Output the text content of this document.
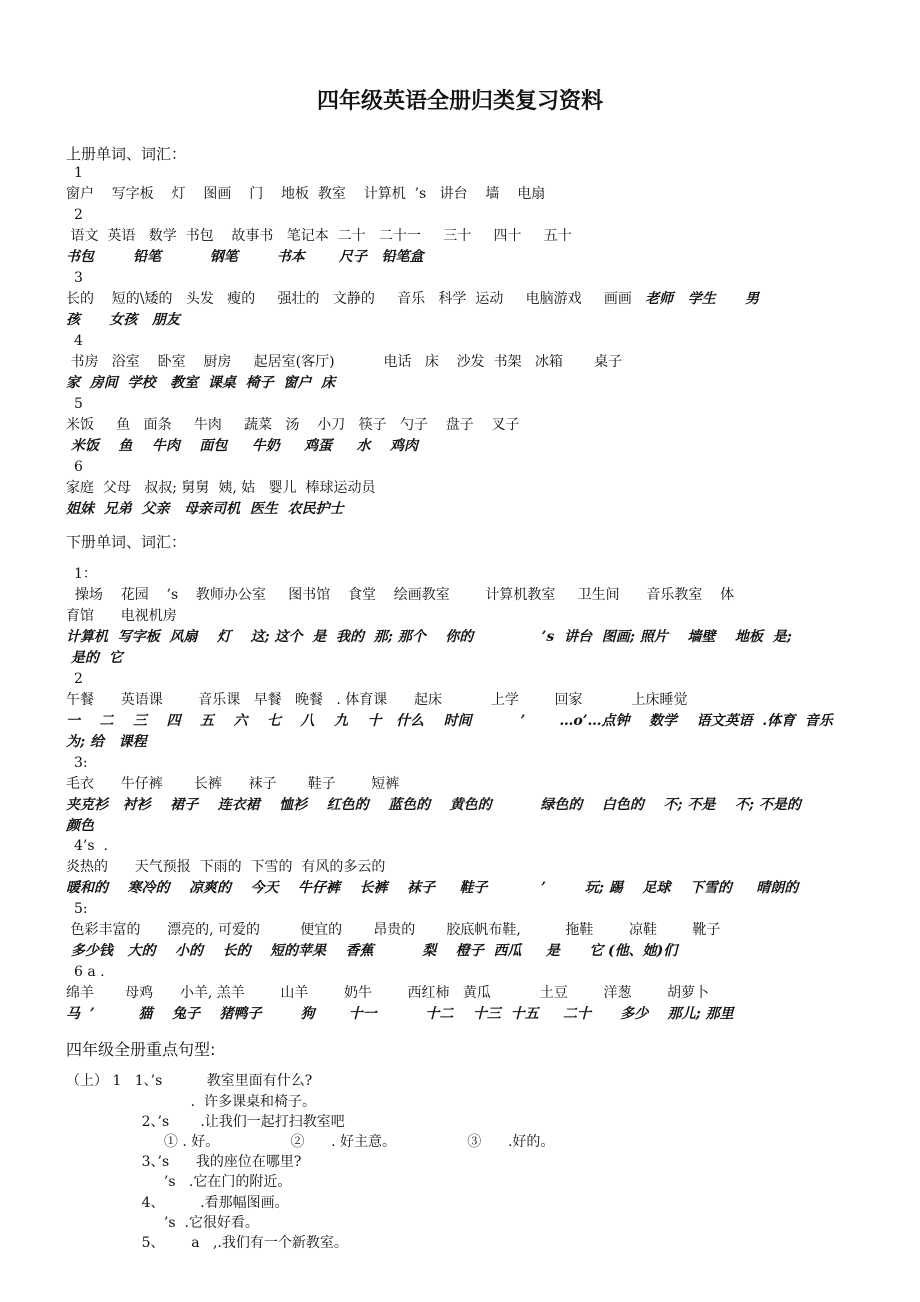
四年级英语全册归类复习资料
上册单词、词汇：
1
窗户    写字板    灯    图画    门    地板  教室    计算机  ’s   讲台    墙    电扇
2
语文  英语   数学  书包    故事书   笔记本  二十   二十一     三十     四十     五十
书包        铅笔          钢笔        书本       尺子   铅笔盒
3
长的    短的\矮的   头发   瘦的     强壮的   文静的     音乐   科学  运动     电脑游戏     画画   老师   学生      男
孩      女孩   朋友
4
书房   浴室    卧室    厨房     起居室(客厅)           电话   床    沙发  书架   冰箱       桌子
家  房间  学校   教室  课桌  椅子  窗户  床
5
米饭     鱼   面条     牛肉     蔬菜   汤    小刀   筷子   勺子    盘子    叉子
米饭    鱼    牛肉    面包     牛奶     鸡蛋     水    鸡肉
6
家庭  父母   叔叔; 舅舅  姨, 姑   婴儿  棒球运动员
姐妹  兄弟  父亲   母亲司机  医生  农民护士
下册单词、词汇：
1：
操场    花园    ’s    教师办公室     图书馆    食堂    绘画教室        计算机教室     卫生间      音乐教室    体
育馆      电视机房
计算机  写字板  风扇    灯    这; 这个  是  我的  那; 那个    你的              ’s  讲台  图画; 照片    墙壁    地板  是;
是的  它
2
午餐      英语课        音乐课   早餐   晚餐   . 体育课      起床           上学        回家           上床睡觉
一    二    三    四    五    六    七    八    九    十   什么    时间          ’       …o’…点钟    数学    语文英语  .体育  音乐
为; 给   课程
3:
毛衣      牛仔裤       长裤      袜子       鞋子        短裤
夹克衫   衬衫    裙子    连衣裙    恤衫    红色的    蓝色的    黄色的          绿色的    白色的    不; 不是    不; 不是的
颜色
4’s  .
炎热的      天气预报  下雨的  下雪的  有风的多云的
暖和的    寒冷的    凉爽的    今天    牛仔裤    长裤    袜子     鞋子           ’        玩; 踢    足球    下雪的     晴朗的
5:
色彩丰富的      漂亮的, 可爱的         便宜的       昂贵的       胶底帆布鞋,          拖鞋        凉鞋        靴子
多少钱   大的    小的    长的    短的苹果    香蕉          梨    橙子  西瓜     是      它 (他、她)们
6 a .
绵羊       母鸡      小羊, 羔羊        山羊        奶牛        西红柿   黄瓜           土豆        洋葱        胡萝卜
马  ’         猫    兔子    猪鸭子        狗       十一          十二    十三  十五     二十      多少    那儿; 那里
四年级全册重点句型:
（上） 1   1、’s          教室里面有什么?
.  许多课桌和椅子。
2、’s       .让我们一起打扫教室吧
① . 好。                ②      . 好主意。                ③      .好的。
3、’s      我的座位在哪里?
’s   .它在门的附近。
4、        .看那幅图画。
’s  .它很好看。
5、      a   ,.我们有一个新教室。
